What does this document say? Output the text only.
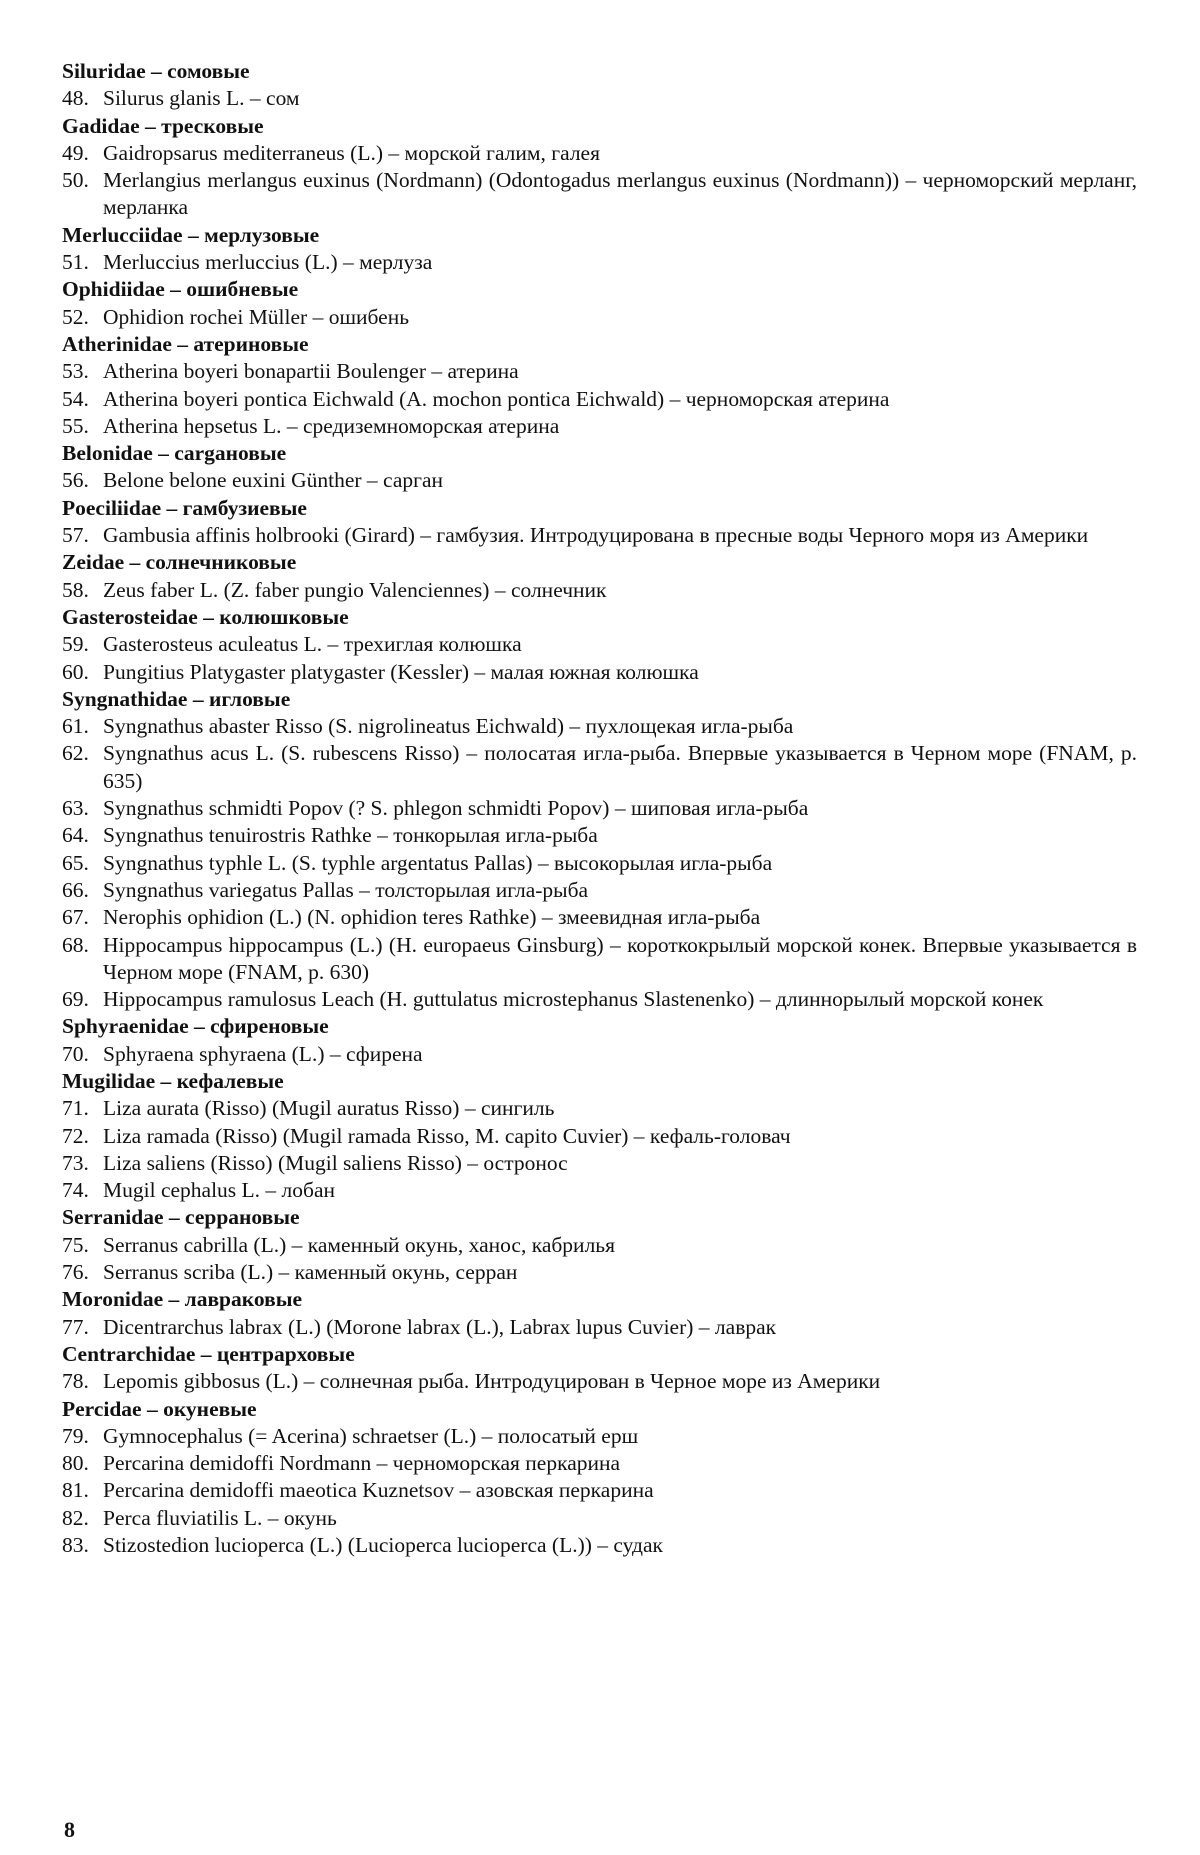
Siluridae – сомовые
48. Silurus glanis L. – сом
Gadidae – тресковые
49. Gaidropsarus mediterraneus (L.) – морской галим, галея
50. Merlangius merlangus euxinus (Nordmann) (Odontogadus merlangus euxinus (Nordmann)) – черноморский мерланг, мерланка
Merlucciidae – мерлузовые
51. Merluccius merluccius (L.) – мерлуза
Ophidiidae – ошибневые
52. Ophidion rochei Müller – ошибень
Atherinidae – атериновые
53. Atherina boyeri bonapartii Boulenger – атерина
54. Atherina boyeri pontica Eichwald (A. mochon pontica Eichwald) – черноморская атерина
55. Atherina hepsetus L. – средиземноморская атерина
Belonidae – сargановые
56. Belone belone euxini Günther – сарган
Poeciliidae – гамбузиевые
57. Gambusia affinis holbrooki (Girard) – гамбузия. Интродуцирована в пресные воды Черного моря из Америки
Zeidae – солнечниковые
58. Zeus faber L. (Z. faber pungio Valenciennes) – солнечник
Gasterosteidae – колюшковые
59. Gasterosteus aculeatus L. – трехиглая колюшка
60. Pungitius Platygaster platygaster (Kessler) – малая южная колюшка
Syngnathidae – игловые
61. Syngnathus abaster Risso (S. nigrolineatus Eichwald) – пухлощекая игла-рыба
62. Syngnathus acus L. (S. rubescens Risso) – полосатая игла-рыба. Впервые указывается в Черном море (FNAM, p. 635)
63. Syngnathus schmidti Popov (? S. phlegon schmidti Popov) – шиповая игла-рыба
64. Syngnathus tenuirostris Rathke – тонкорылая игла-рыба
65. Syngnathus typhle L. (S. typhle argentatus Pallas) – высокорылая игла-рыба
66. Syngnathus variegatus Pallas – толсторылая игла-рыба
67. Nerophis ophidion (L.) (N. ophidion teres Rathke) – змеевидная игла-рыба
68. Hippocampus hippocampus (L.) (H. europaeus Ginsburg) – короткокрылый морской конек. Впервые указывается в Черном море (FNAM, p. 630)
69. Hippocampus ramulosus Leach (H. guttulatus microstephanus Slastenenko) – длиннорылый морской конек
Sphyraenidae – сфиреновые
70. Sphyraena sphyraena (L.) – сфирена
Mugilidae – кефалевые
71. Liza aurata (Risso) (Mugil auratus Risso) – сингиль
72. Liza ramada (Risso) (Mugil ramada Risso, M. capito Cuvier) – кефаль-головач
73. Liza saliens (Risso) (Mugil saliens Risso) – остронос
74. Mugil cephalus L. – лобан
Serranidae – серрановые
75. Serranus cabrilla (L.) – каменный окунь, ханос, кабрилья
76. Serranus scriba (L.) – каменный окунь, серран
Moronidae – лавраковые
77. Dicentrarchus labrax (L.) (Morone labrax (L.), Labrax lupus Cuvier) – лаврак
Centrarchidae – центрарховые
78. Lepomis gibbosus (L.) – солнечная рыба. Интродуцирован в Черное море из Америки
Percidae – окуневые
79. Gymnocephalus (= Acerina) schraetser (L.) – полосатый ерш
80. Percarina demidoffi Nordmann – черноморская перкарина
81. Percarina demidoffi maeotica Kuznetsov – азовская перкарина
82. Perca fluviatilis L. – окунь
83. Stizostedion lucioperca (L.) (Lucioperca lucioperca (L.)) – судак
8
